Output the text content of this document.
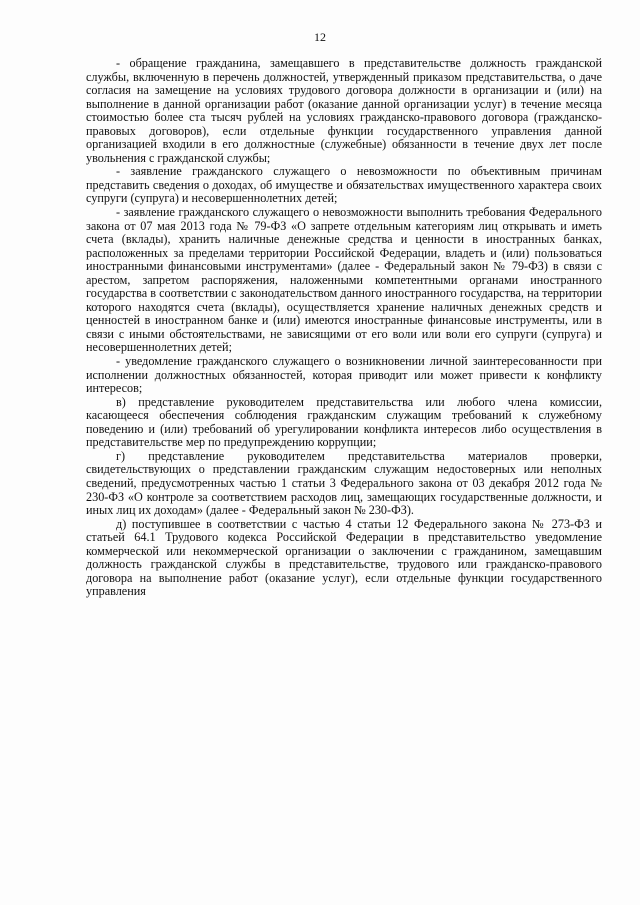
12

- обращение гражданина, замещавшего в представительстве должность гражданской службы, включенную в перечень должностей, утвержденный приказом представительства, о даче согласия на замещение на условиях трудового договора должности в организации и (или) на выполнение в данной организации работ (оказание данной организации услуг) в течение месяца стоимостью более ста тысяч рублей на условиях гражданско-правового договора (гражданско-правовых договоров), если отдельные функции государственного управления данной организацией входили в его должностные (служебные) обязанности в течение двух лет после увольнения с гражданской службы;

- заявление гражданского служащего о невозможности по объективным причинам представить сведения о доходах, об имуществе и обязательствах имущественного характера своих супруги (супруга) и несовершеннолетних детей;

- заявление гражданского служащего о невозможности выполнить требования Федерального закона от 07 мая 2013 года № 79-ФЗ «О запрете отдельным категориям лиц открывать и иметь счета (вклады), хранить наличные денежные средства и ценности в иностранных банках, расположенных за пределами территории Российской Федерации, владеть и (или) пользоваться иностранными финансовыми инструментами» (далее - Федеральный закон № 79-ФЗ) в связи с арестом, запретом распоряжения, наложенными компетентными органами иностранного государства в соответствии с законодательством данного иностранного государства, на территории которого находятся счета (вклады), осуществляется хранение наличных денежных средств и ценностей в иностранном банке и (или) имеются иностранные финансовые инструменты, или в связи с иными обстоятельствами, не зависящими от его воли или воли его супруги (супруга) и несовершеннолетних детей;

- уведомление гражданского служащего о возникновении личной заинтересованности при исполнении должностных обязанностей, которая приводит или может привести к конфликту интересов;

в) представление руководителем представительства или любого члена комиссии, касающееся обеспечения соблюдения гражданским служащим требований к служебному поведению и (или) требований об урегулировании конфликта интересов либо осуществления в представительстве мер по предупреждению коррупции;

г) представление руководителем представительства материалов проверки, свидетельствующих о представлении гражданским служащим недостоверных или неполных сведений, предусмотренных частью 1 статьи 3 Федерального закона от 03 декабря 2012 года № 230-ФЗ «О контроле за соответствием расходов лиц, замещающих государственные должности, и иных лиц их доходам» (далее - Федеральный закон № 230-ФЗ).

д) поступившее в соответствии с частью 4 статьи 12 Федерального закона № 273-ФЗ и статьей 64.1 Трудового кодекса Российской Федерации в представительство уведомление коммерческой или некоммерческой организации о заключении с гражданином, замещавшим должность гражданской службы в представительстве, трудового или гражданско-правового договора на выполнение работ (оказание услуг), если отдельные функции государственного управления
